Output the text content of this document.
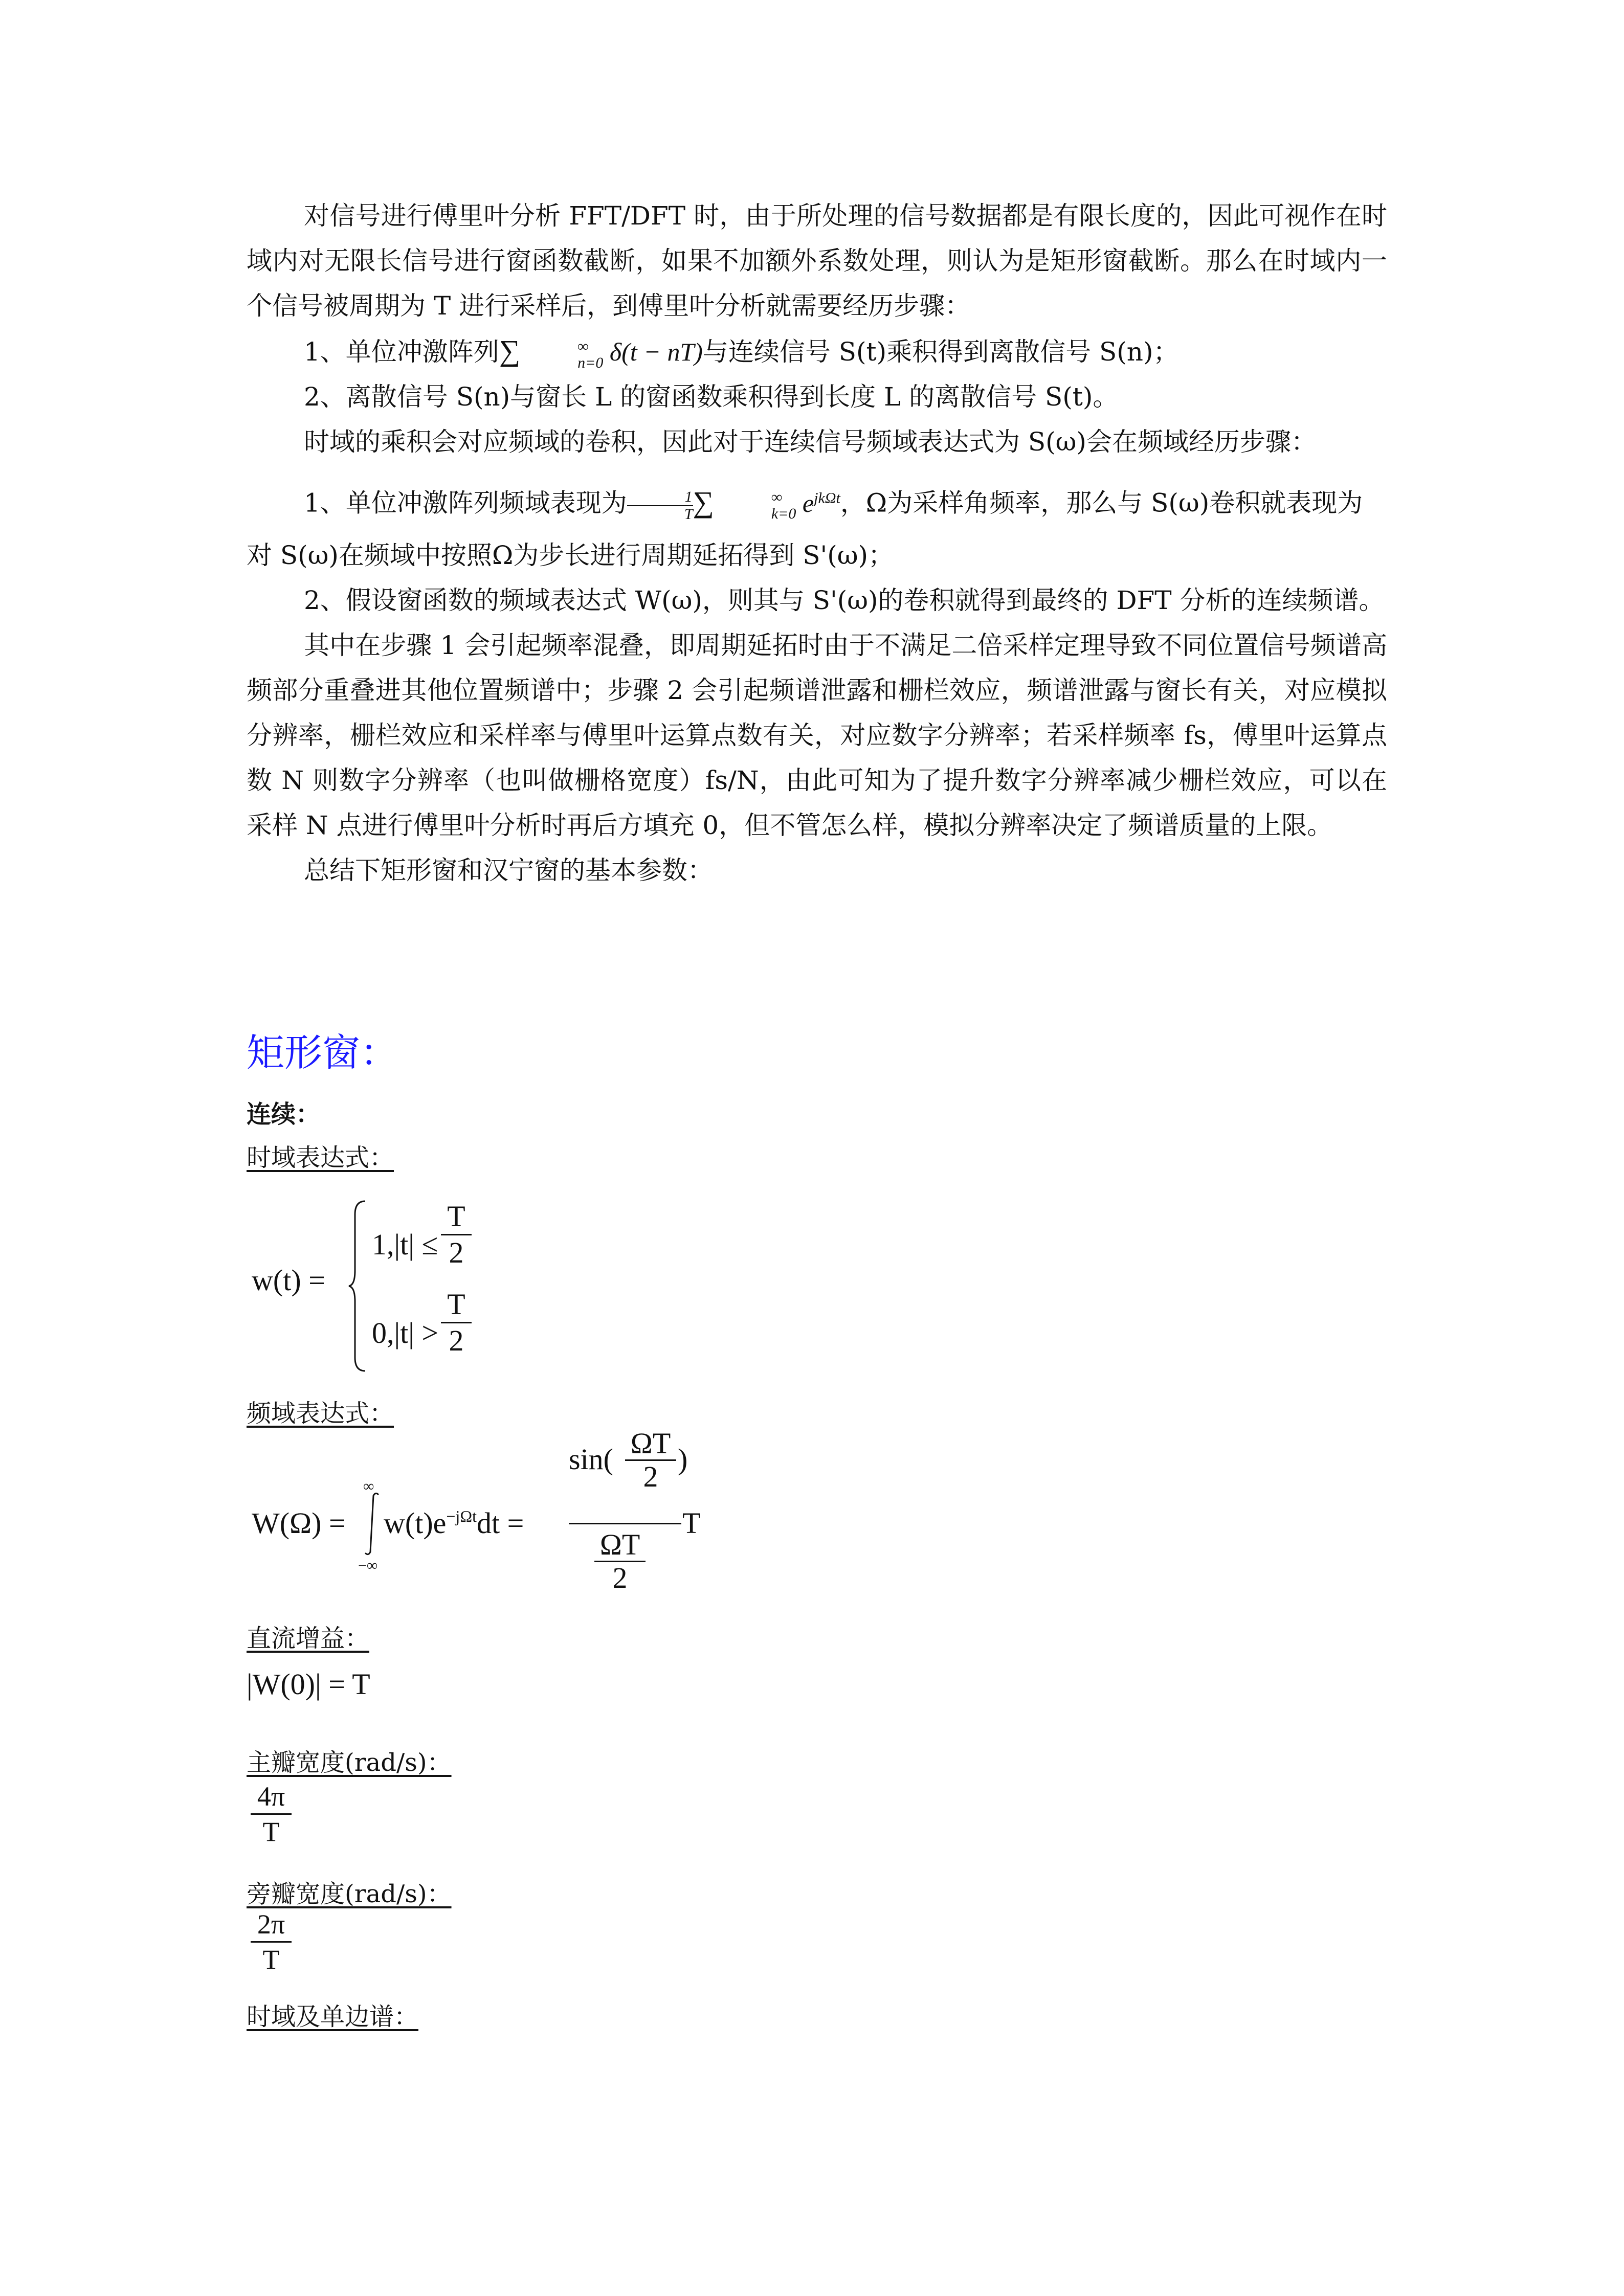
对信号进行傅里叶分析 FFT/DFT 时，由于所处理的信号数据都是有限长度的，因此可视作在时域内对无限长信号进行窗函数截断，如果不加额外系数处理，则认为是矩形窗截断。那么在时域内一个信号被周期为 T 进行采样后，到傅里叶分析就需要经历步骤：

1、单位冲激阵列∑	∞
n=0 δ(t − nT)与连续信号 S(t)乘积得到离散信号 S(n)；

2、离散信号 S(n)与窗长 L 的窗函数乘积得到长度 L 的离散信号 S(t)。

时域的乘积会对应频域的卷积，因此对于连续信号频域表达式为 S(ω)会在频域经历步骤：

1、单位冲激阵列频域表现为 $\frac{1}{T}$ ∑	∞
k=0 $e^{jk\Omega t}$，Ω为采样角频率，那么与 S(ω)卷积就表现为

对 S(ω)在频域中按照Ω为步长进行周期延拓得到 S'(ω)；

2、假设窗函数的频域表达式 W(ω)，则其与 S'(ω)的卷积就得到最终的 DFT 分析的连续频谱。

其中在步骤 1 会引起频率混叠，即周期延拓时由于不满足二倍采样定理导致不同位置信号频谱高频部分重叠进其他位置频谱中；步骤 2 会引起频谱泄露和栅栏效应，频谱泄露与窗长有关，对应模拟分辨率，栅栏效应和采样率与傅里叶运算点数有关，对应数字分辨率；若采样频率 fs，傅里叶运算点数 N 则数字分辨率（也叫做栅格宽度）fs/N，由此可知为了提升数字分辨率减少栅栏效应，可以在采样 N 点进行傅里叶分析时再后方填充 0，但不管怎么样，模拟分辨率决定了频谱质量的上限。

总结下矩形窗和汉宁窗的基本参数：

矩形窗：
连续：

时域表达式：

w(t) =
$1,|t| \le \frac{T}{2}$
$0,|t| > \frac{T}{2}$

频域表达式：

W(Ω) =
∞
−∞
$w(t)e^{-j\Omega t}dt$ =
$\sin( \frac{\Omega T}{2}$ )
T
$\frac{\Omega T}{2}$

直流增益：

|W(0)| = T

主瓣宽度(rad/s)：

$\frac{4\pi}{T}$

旁瓣宽度(rad/s)：

$\frac{2\pi}{T}$

时域及单边谱：
